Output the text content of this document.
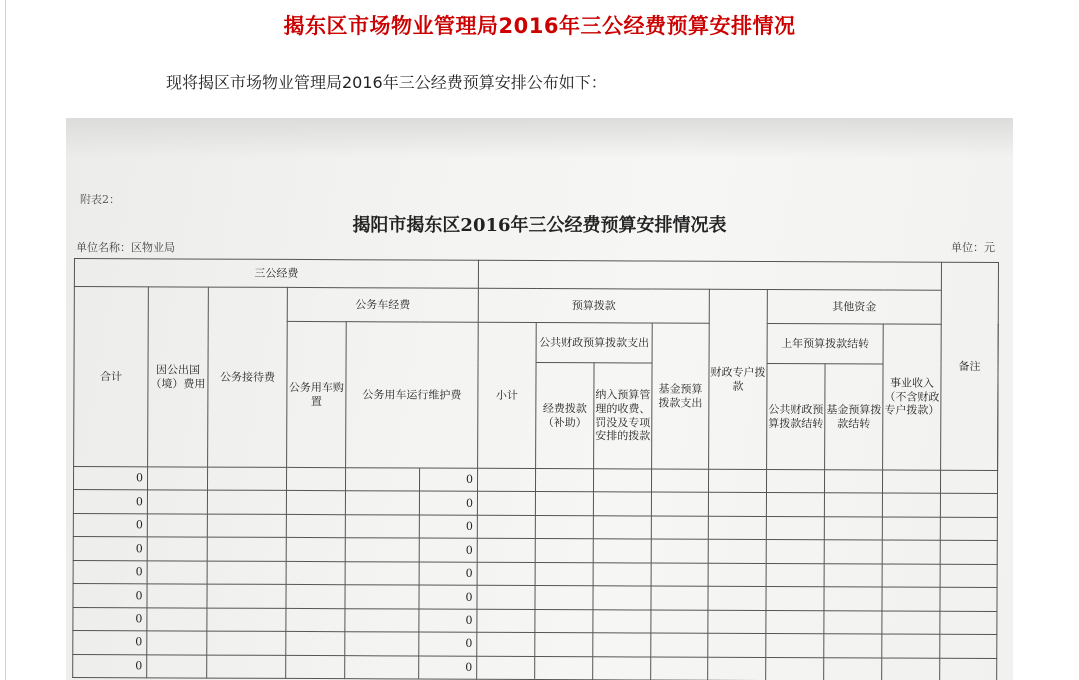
揭东区市场物业管理局2016年三公经费预算安排情况
现将揭区市场物业管理局2016年三公经费预算安排公布如下：
附表2：
揭阳市揭东区2016年三公经费预算安排情况表
单位名称：区物业局	单位：元
三公经费														备注	
合计	因公出国（境）费用	公务接待费	公务车经费			预算拨款				财政专户拨款	其他资金				
			公务用车购置	公务用车运行维护费		小计	公共财政预算拨款支出		基金预算拨款支出		上年预算拨款结转		事业收入（不含财政专户拨款）	
							经费拨款（补助）	纳入预算管理的收费、罚没及专项安排的拨款			公共财政预算拨款结转	基金预算拨款结转			
0					0										
0					0										
0					0										
0					0										
0					0										
0					0										
0					0										
0					0										
0					0										
